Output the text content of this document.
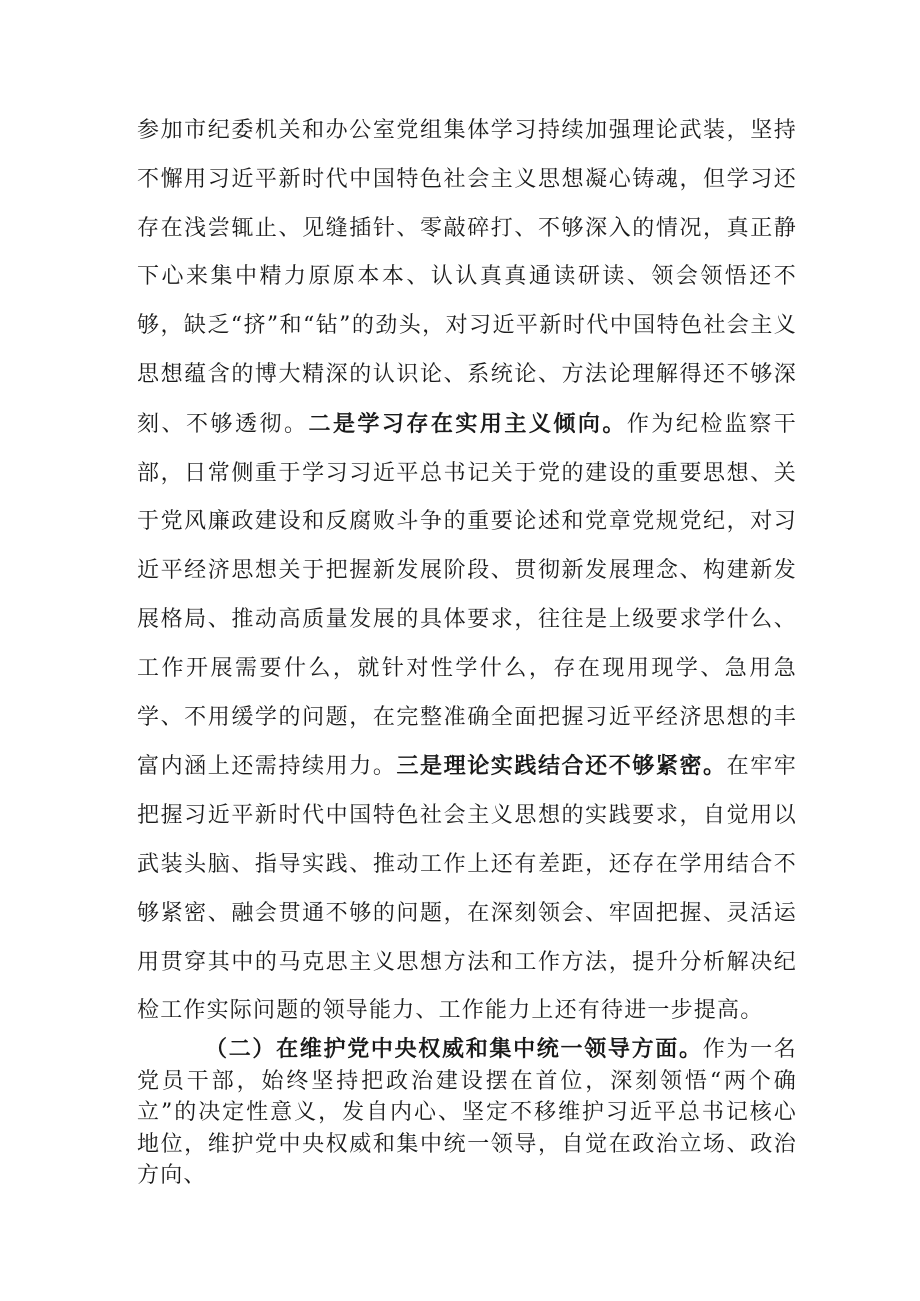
参加市纪委机关和办公室党组集体学习持续加强理论武装，坚持不懈用习近平新时代中国特色社会主义思想凝心铸魂，但学习还存在浅尝辄止、见缝插针、零敲碎打、不够深入的情况，真正静下心来集中精力原原本本、认认真真通读研读、领会领悟还不够，缺乏“挤”和“钻”的劲头，对习近平新时代中国特色社会主义思想蕴含的博大精深的认识论、系统论、方法论理解得还不够深刻、不够透彻。二是学习存在实用主义倾向。作为纪检监察干部，日常侧重于学习习近平总书记关于党的建设的重要思想、关于党风廉政建设和反腐败斗争的重要论述和党章党规党纪，对习近平经济思想关于把握新发展阶段、贯彻新发展理念、构建新发展格局、推动高质量发展的具体要求，往往是上级要求学什么、工作开展需要什么，就针对性学什么，存在现用现学、急用急学、不用缓学的问题，在完整准确全面把握习近平经济思想的丰富内涵上还需持续用力。三是理论实践结合还不够紧密。在牢牢把握习近平新时代中国特色社会主义思想的实践要求，自觉用以武装头脑、指导实践、推动工作上还有差距，还存在学用结合不够紧密、融会贯通不够的问题，在深刻领会、牢固把握、灵活运用贯穿其中的马克思主义思想方法和工作方法，提升分析解决纪检工作实际问题的领导能力、工作能力上还有待进一步提高。

（二）在维护党中央权威和集中统一领导方面。作为一名党员干部，始终坚持把政治建设摆在首位，深刻领悟“两个确立”的决定性意义，发自内心、坚定不移维护习近平总书记核心地位，维护党中央权威和集中统一领导，自觉在政治立场、政治方向、
